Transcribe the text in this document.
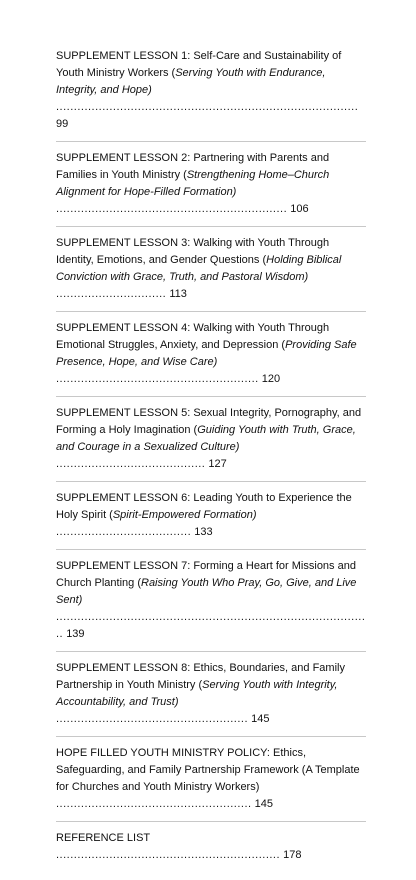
SUPPLEMENT LESSON 1: Self-Care and Sustainability of Youth Ministry Workers (Serving Youth with Endurance, Integrity, and Hope) ..................................................................................... 99
SUPPLEMENT LESSON 2: Partnering with Parents and Families in Youth Ministry (Strengthening Home–Church Alignment for Hope-Filled Formation) ................................................................. 106
SUPPLEMENT LESSON 3: Walking with Youth Through Identity, Emotions, and Gender Questions (Holding Biblical Conviction with Grace, Truth, and Pastoral Wisdom) ............................... 113
SUPPLEMENT LESSON 4: Walking with Youth Through Emotional Struggles, Anxiety, and Depression (Providing Safe Presence, Hope, and Wise Care) ......................................................... 120
SUPPLEMENT LESSON 5: Sexual Integrity, Pornography, and Forming a Holy Imagination (Guiding Youth with Truth, Grace, and Courage in a Sexualized Culture) .......................................... 127
SUPPLEMENT LESSON 6: Leading Youth to Experience the Holy Spirit (Spirit-Empowered Formation) ...................................... 133
SUPPLEMENT LESSON 7: Forming a Heart for Missions and Church Planting (Raising Youth Who Pray, Go, Give, and Live Sent) ......................................................................................... 139
SUPPLEMENT LESSON 8: Ethics, Boundaries, and Family Partnership in Youth Ministry (Serving Youth with Integrity, Accountability, and Trust) ...................................................... 145
HOPE FILLED YOUTH MINISTRY POLICY: Ethics, Safeguarding, and Family Partnership Framework (A Template for Churches and Youth Ministry Workers) ....................................................... 145
REFERENCE LIST ............................................................... 178
